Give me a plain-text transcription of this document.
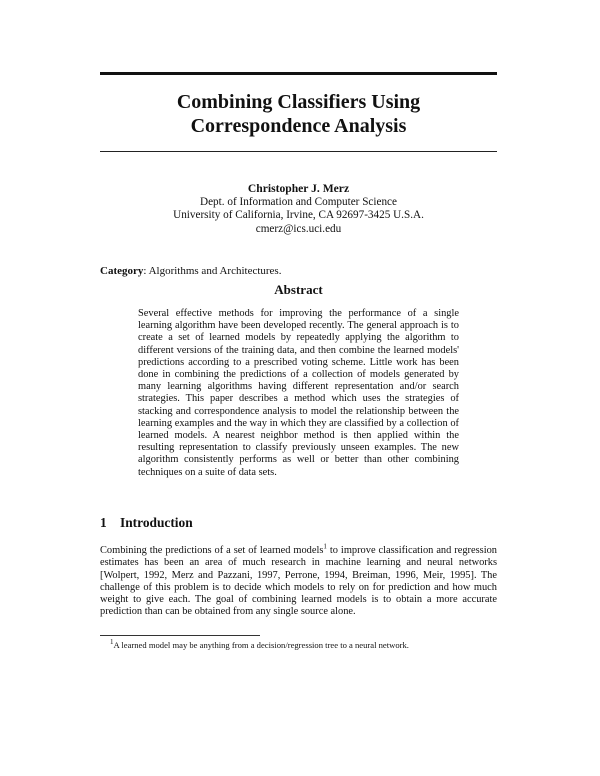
Combining Classifiers Using
Correspondence Analysis
Christopher J. Merz
Dept. of Information and Computer Science
University of California, Irvine, CA 92697-3425 U.S.A.
cmerz@ics.uci.edu
Category: Algorithms and Architectures.
Abstract
Several effective methods for improving the performance of a single learning algorithm have been developed recently. The general approach is to create a set of learned models by repeatedly applying the algorithm to different versions of the training data, and then combine the learned models' predictions according to a prescribed voting scheme. Little work has been done in combining the predictions of a collection of models generated by many learning algorithms having different representation and/or search strategies. This paper describes a method which uses the strategies of stacking and correspondence analysis to model the relationship between the learning examples and the way in which they are classified by a collection of learned models. A nearest neighbor method is then applied within the resulting representation to classify previously unseen examples. The new algorithm consistently performs as well or better than other combining techniques on a suite of data sets.
1 Introduction
Combining the predictions of a set of learned models$^1$ to improve classification and regression estimates has been an area of much research in machine learning and neural networks [Wolpert, 1992, Merz and Pazzani, 1997, Perrone, 1994, Breiman, 1996, Meir, 1995]. The challenge of this problem is to decide which models to rely on for prediction and how much weight to give each. The goal of combining learned models is to obtain a more accurate prediction than can be obtained from any single source alone.
$^1$A learned model may be anything from a decision/regression tree to a neural network.
